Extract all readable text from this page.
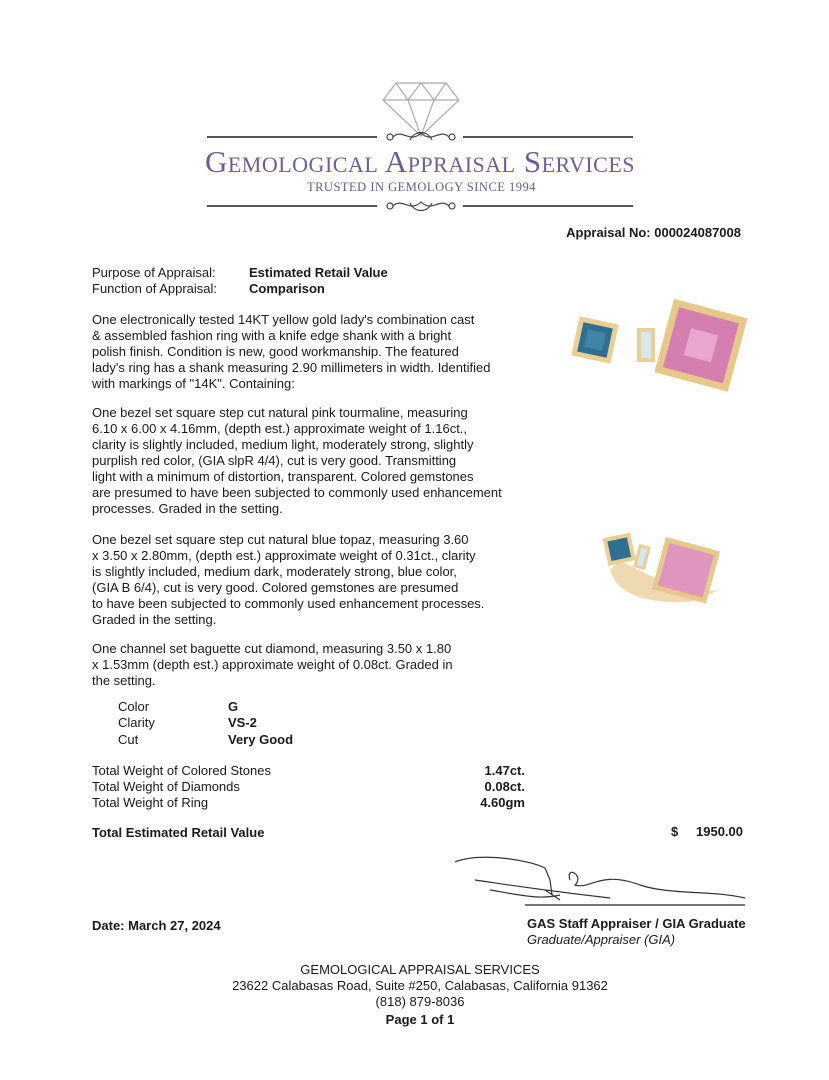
Gemological Appraisal Services
TRUSTED IN GEMOLOGY SINCE 1994
Appraisal No: 000024087008
Purpose of Appraisal:	Estimated Retail Value
Function of Appraisal: Comparison
One electronically tested 14KT yellow gold lady's combination cast
& assembled fashion ring with a knife edge shank with a bright
polish finish. Condition is new, good workmanship. The featured
lady's ring has a shank measuring 2.90 millimeters in width. Identified
with markings of "14K". Containing:
One bezel set square step cut natural pink tourmaline, measuring
6.10 x 6.00 x 4.16mm, (depth est.) approximate weight of 1.16ct.,
clarity is slightly included, medium light, moderately strong, slightly
purplish red color, (GIA slpR 4/4), cut is very good. Transmitting
light with a minimum of distortion, transparent. Colored gemstones
are presumed to have been subjected to commonly used enhancement
processes. Graded in the setting.
One bezel set square step cut natural blue topaz, measuring 3.60
x 3.50 x 2.80mm, (depth est.) approximate weight of 0.31ct., clarity
is slightly included, medium dark, moderately strong, blue color,
(GIA B 6/4), cut is very good. Colored gemstones are presumed
to have been subjected to commonly used enhancement processes.
Graded in the setting.
One channel set baguette cut diamond, measuring 3.50 x 1.80
x 1.53mm (depth est.) approximate weight of 0.08ct. Graded in
the setting.
Color	G
Clarity	VS-2
Cut	Very Good
Total Weight of Colored Stones	1.47ct.
Total Weight of Diamonds	0.08ct.
Total Weight of Ring	4.60gm
Total Estimated Retail Value	$ 1950.00
Date: March 27, 2024	GAS Staff Appraiser / GIA Graduate
Graduate/Appraiser (GIA)
GEMOLOGICAL APPRAISAL SERVICES
23622 Calabasas Road, Suite #250, Calabasas, California 91362
(818) 879-8036
Page 1 of 1
